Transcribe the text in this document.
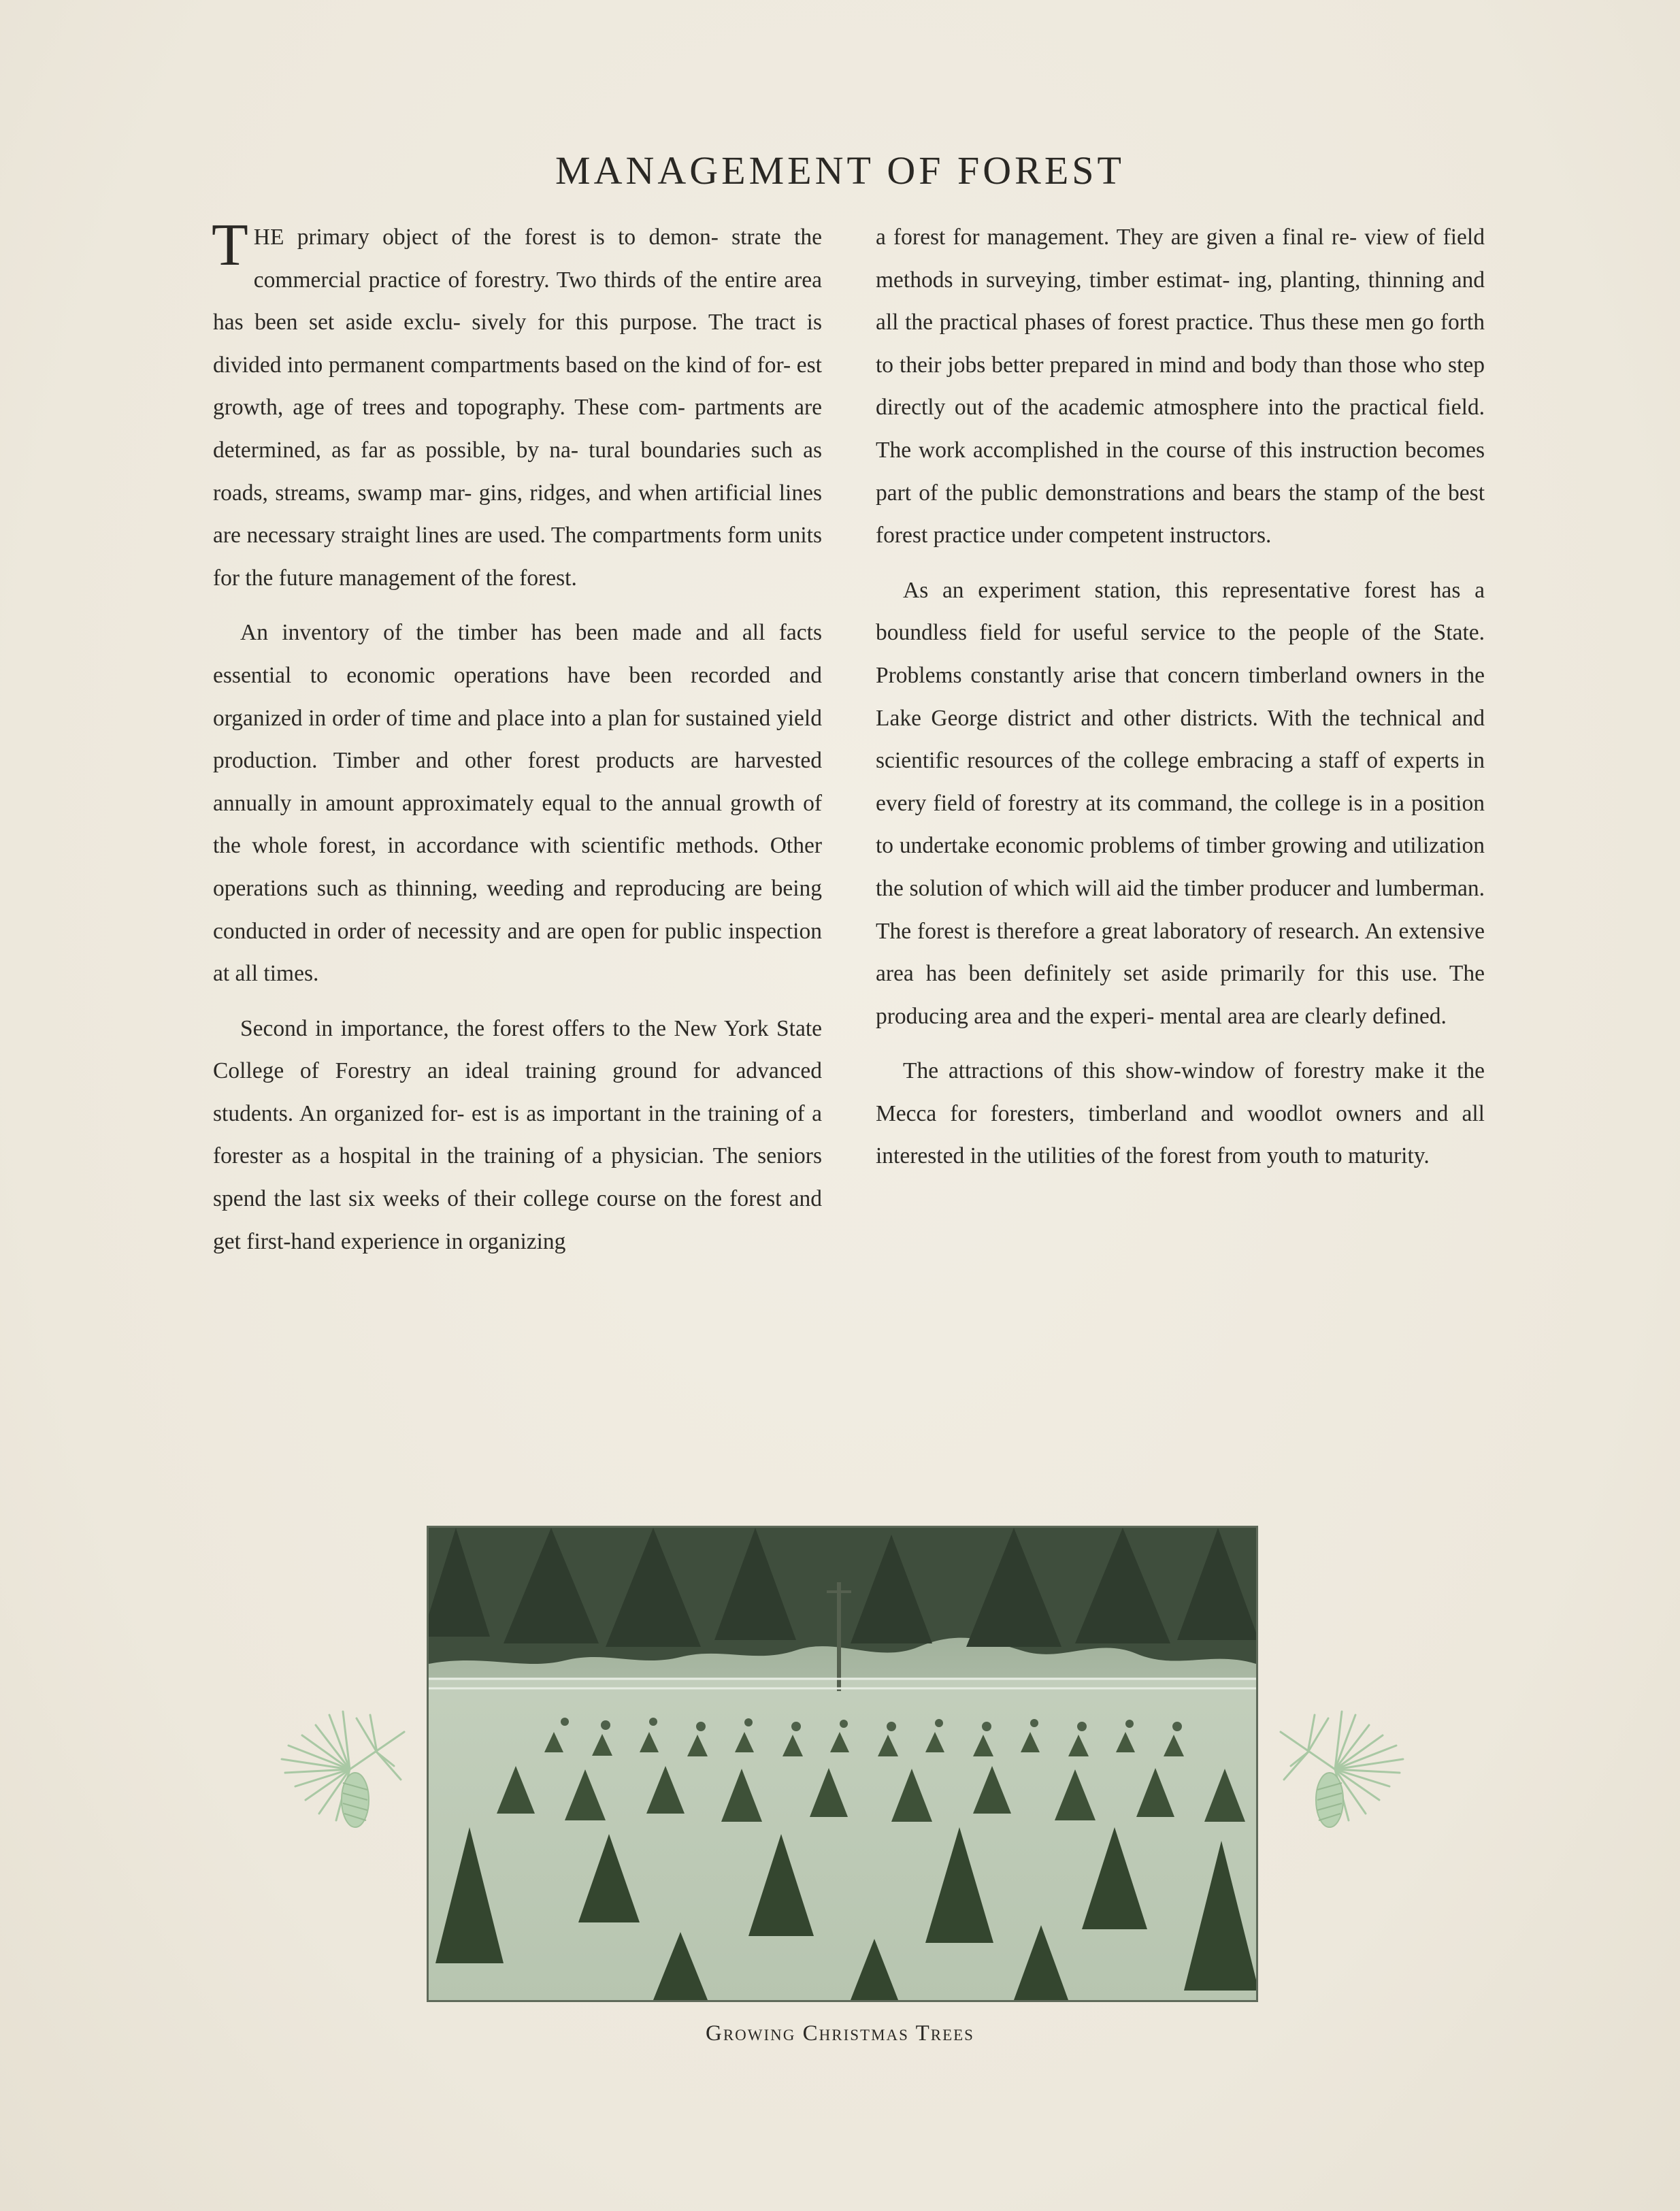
MANAGEMENT OF FOREST

THE primary object of the forest is to demon- strate the commercial practice of forestry. Two thirds of the entire area has been set aside exclu- sively for this purpose. The tract is divided into permanent compartments based on the kind of for- est growth, age of trees and topography. These com- partments are determined, as far as possible, by na- tural boundaries such as roads, streams, swamp mar- gins, ridges, and when artificial lines are necessary straight lines are used. The compartments form units for the future management of the forest.

An inventory of the timber has been made and all facts essential to economic operations have been recorded and organized in order of time and place into a plan for sustained yield production. Timber and other forest products are harvested annually in amount approximately equal to the annual growth of the whole forest, in accordance with scientific methods. Other operations such as thinning, weeding and reproducing are being conducted in order of necessity and are open for public inspection at all times.

Second in importance, the forest offers to the New York State College of Forestry an ideal training ground for advanced students. An organized for- est is as important in the training of a forester as a hospital in the training of a physician. The seniors spend the last six weeks of their college course on the forest and get first-hand experience in organizing

a forest for management. They are given a final re- view of field methods in surveying, timber estimat- ing, planting, thinning and all the practical phases of forest practice. Thus these men go forth to their jobs better prepared in mind and body than those who step directly out of the academic atmosphere into the practical field. The work accomplished in the course of this instruction becomes part of the public demonstrations and bears the stamp of the best forest practice under competent instructors.

As an experiment station, this representative forest has a boundless field for useful service to the people of the State. Problems constantly arise that concern timberland owners in the Lake George district and other districts. With the technical and scientific resources of the college embracing a staff of experts in every field of forestry at its command, the college is in a position to undertake economic problems of timber growing and utilization the solution of which will aid the timber producer and lumberman. The forest is therefore a great laboratory of research. An extensive area has been definitely set aside primarily for this use. The producing area and the experi- mental area are clearly defined.

The attractions of this show-window of forestry make it the Mecca for foresters, timberland and woodlot owners and all interested in the utilities of the forest from youth to maturity.

Growing Christmas Trees
